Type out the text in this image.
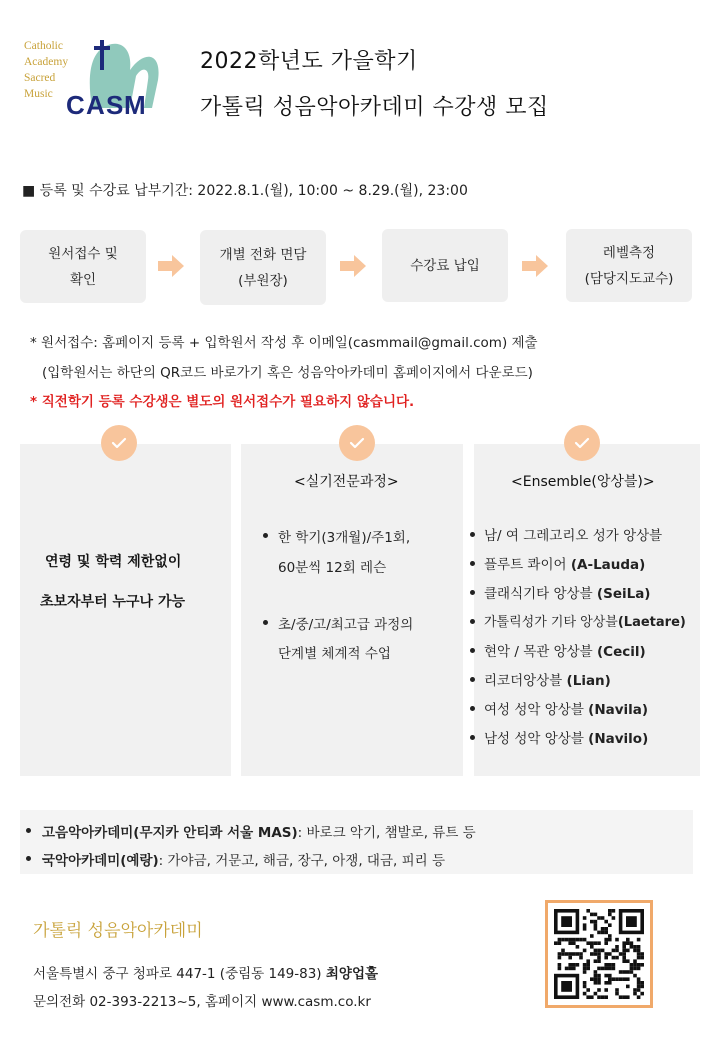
Catholic
Academy
Sacred
Music C A S M
2022학년도 가을학기
가톨릭 성음악아카데미 수강생 모집
■ 등록 및 수강료 납부기간: 2022.8.1.(월), 10:00 ~ 8.29.(월), 23:00
원서접수 및
확인
개별 전화 면담
(부원장)
수강료 납입
레벨측정
(담당지도교수)
* 원서접수: 홈페이지 등록 + 입학원서 작성 후 이메일(casmmail@gmail.com) 제출
(입학원서는 하단의 QR코드 바로가기 혹은 성음악아카데미 홈페이지에서 다운로드)
* 직전학기 등록 수강생은 별도의 원서접수가 필요하지 않습니다.
연령 및 학력 제한없이
초보자부터 누구나 가능
<실기전문과정>
한 학기(3개월)/주1회,
60분씩 12회 레슨
초/중/고/최고급 과정의
단계별 체계적 수업
<Ensemble(앙상블)>
남/ 여 그레고리오 성가 앙상블
플루트 콰이어 (A-Lauda)
클래식기타 앙상블 (SeiLa)
가톨릭성가 기타 앙상블(Laetare)
현악 / 목관 앙상블 (Cecil)
리코더앙상블 (Lian)
여성 성악 앙상블 (Navila)
남성 성악 앙상블 (Navilo)
고음악아카데미(무지카 안티콰 서울 MAS): 바로크 악기, 챔발로, 류트 등
국악아카데미(예랑): 가야금, 거문고, 해금, 장구, 아쟁, 대금, 피리 등
가톨릭 성음악아카데미
서울특별시 중구 청파로 447-1 (중림동 149-83) 최양업홀
문의전화 02-393-2213~5, 홈페이지 www.casm.co.kr
